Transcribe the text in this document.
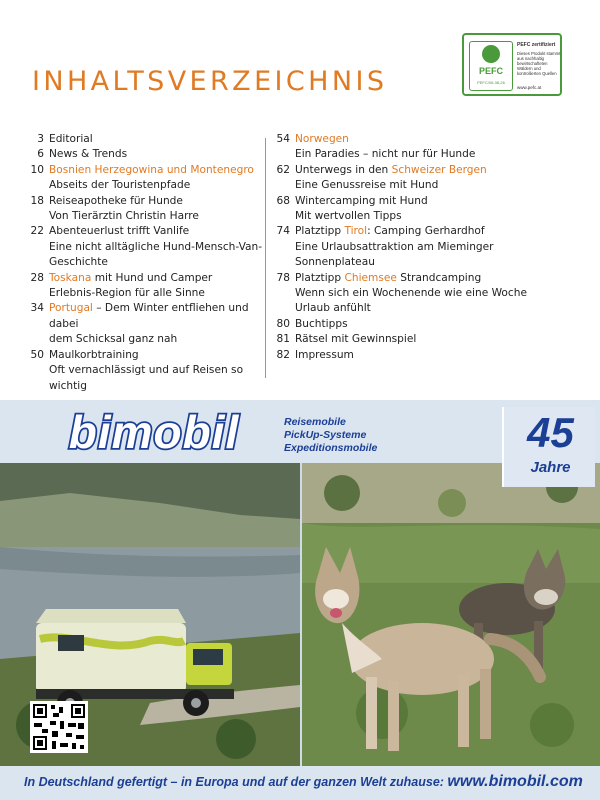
PEFC
PEFC/06-38-26
PEFC zertifiziert
Dieses Produkt stammt aus nachhaltig bewirtschafteten Wäldern und kontrollierten Quellen
www.pefc.at
INHALTSVERZEICHNIS
3 Editorial
6 News & Trends
10 Bosnien Herzegowina und Montenegro
Abseits der Touristenpfade
18 Reiseapotheke für Hunde
Von Tierärztin Christin Harre
22 Abenteuerlust trifft Vanlife
Eine nicht alltägliche Hund-Mensch-Van-
Geschichte
28 Toskana mit Hund und Camper
Erlebnis-Region für alle Sinne
34 Portugal – Dem Winter entfliehen und dabei
dem Schicksal ganz nah
50 Maulkorbtraining
Oft vernachlässigt und auf Reisen so wichtig
54 Norwegen
Ein Paradies – nicht nur für Hunde
62 Unterwegs in den Schweizer Bergen
Eine Genussreise mit Hund
68 Wintercamping mit Hund
Mit wertvollen Tipps
74 Platztipp Tirol: Camping Gerhardhof
Eine Urlaubsattraktion am Mieminger
Sonnenplateau
78 Platztipp Chiemsee Strandcamping
Wenn sich ein Wochenende wie eine Woche
Urlaub anfühlt
80 Buchtipps
81 Rätsel mit Gewinnspiel
82 Impressum
bimobil	Reisemobile
PickUp-Systeme
Expeditionsmobile	45
Jahre
In Deutschland gefertigt – in Europa und auf der ganzen Welt zuhause: www.bimobil.com
